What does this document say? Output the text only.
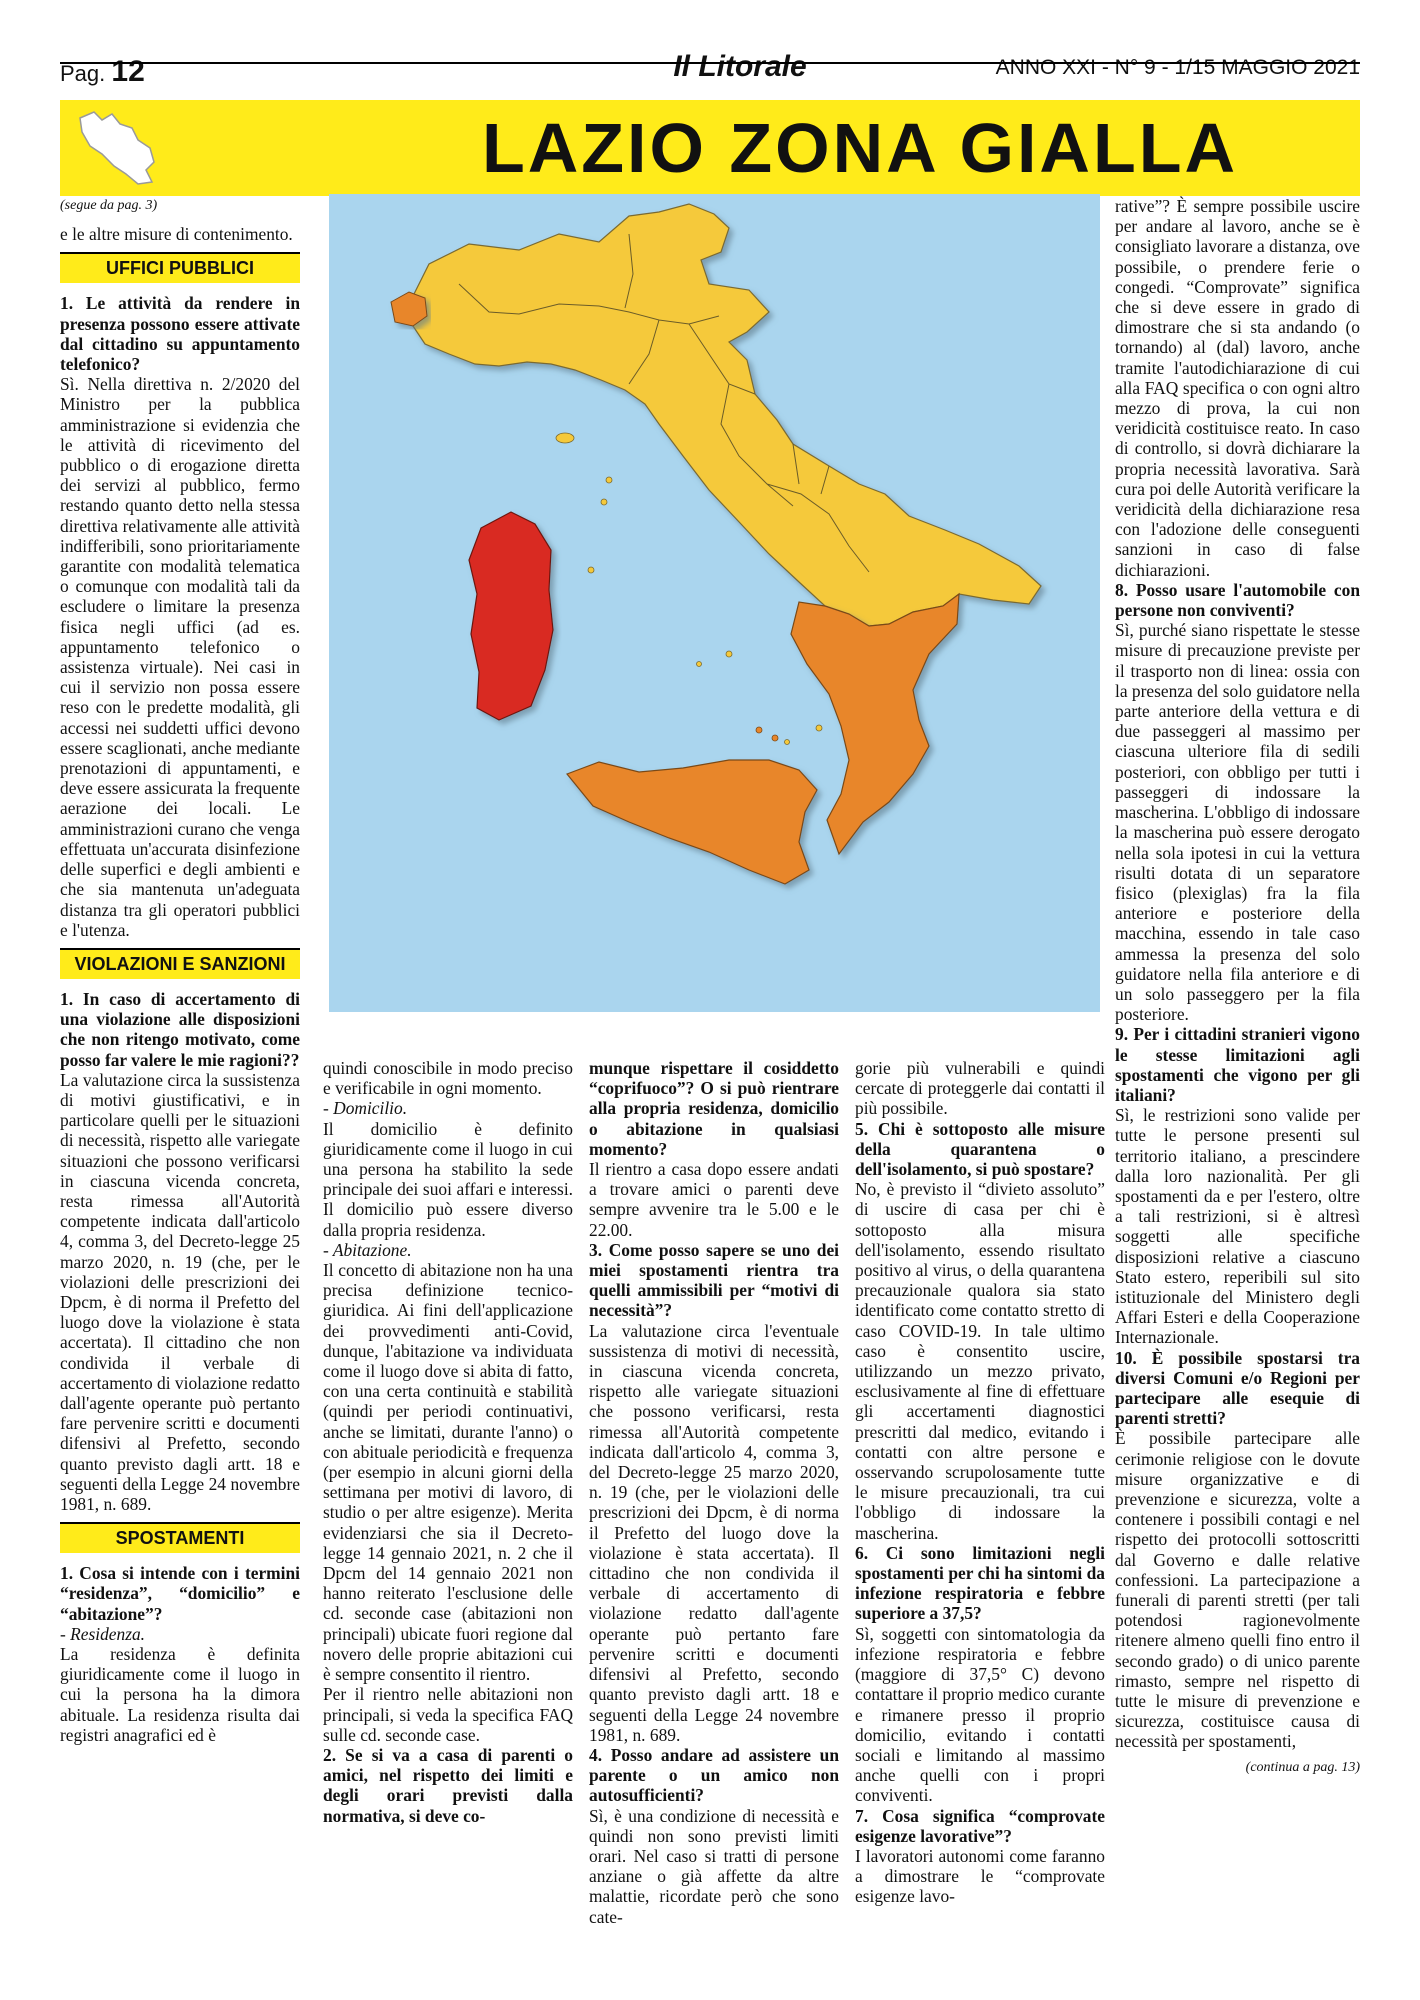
Pag. 12	Il Litorale	ANNO XXI - N° 9 - 1/15 MAGGIO 2021
LAZIO ZONA GIALLA

(segue da pag. 3)

e le altre misure di contenimento.

UFFICI PUBBLICI

1. Le attività da rendere in presenza possono essere attivate dal cittadino su appuntamento telefonico?

Sì. Nella direttiva n. 2/2020 del Ministro per la pubblica amministrazione si evidenzia che le attività di ricevimento del pubblico o di erogazione diretta dei servizi al pubblico, fermo restando quanto detto nella stessa direttiva relativamente alle attività indifferibili, sono prioritariamente garantite con modalità telematica o comunque con modalità tali da escludere o limitare la presenza fisica negli uffici (ad es. appuntamento telefonico o assistenza virtuale). Nei casi in cui il servizio non possa essere reso con le predette modalità, gli accessi nei suddetti uffici devono essere scaglionati, anche mediante prenotazioni di appuntamenti, e deve essere assicurata la frequente aerazione dei locali. Le amministrazioni curano che venga effettuata un'accurata disinfezione delle superfici e degli ambienti e che sia mantenuta un'adeguata distanza tra gli operatori pubblici e l'utenza.

VIOLAZIONI E SANZIONI

1. In caso di accertamento di una violazione alle disposizioni che non ritengo motivato, come posso far valere le mie ragioni??

La valutazione circa la sussistenza di motivi giustificativi, e in particolare quelli per le situazioni di necessità, rispetto alle variegate situazioni che possono verificarsi in ciascuna vicenda concreta, resta rimessa all'Autorità competente indicata dall'articolo 4, comma 3, del Decreto-legge 25 marzo 2020, n. 19 (che, per le violazioni delle prescrizioni dei Dpcm, è di norma il Prefetto del luogo dove la violazione è stata accertata). Il cittadino che non condivida il verbale di accertamento di violazione redatto dall'agente operante può pertanto fare pervenire scritti e documenti difensivi al Prefetto, secondo quanto previsto dagli artt. 18 e seguenti della Legge 24 novembre 1981, n. 689.

SPOSTAMENTI

1. Cosa si intende con i termini “residenza”, “domicilio” e “abitazione”?

- Residenza.

La residenza è definita giuridicamente come il luogo in cui la persona ha la dimora abituale. La residenza risulta dai registri anagrafici ed è

quindi conoscibile in modo preciso e verificabile in ogni momento.

- Domicilio.

Il domicilio è definito giuridicamente come il luogo in cui una persona ha stabilito la sede principale dei suoi affari e interessi. Il domicilio può essere diverso dalla propria residenza.

- Abitazione.

Il concetto di abitazione non ha una precisa definizione tecnico-giuridica. Ai fini dell'applicazione dei provvedimenti anti-Covid, dunque, l'abitazione va individuata come il luogo dove si abita di fatto, con una certa continuità e stabilità (quindi per periodi continuativi, anche se limitati, durante l'anno) o con abituale periodicità e frequenza (per esempio in alcuni giorni della settimana per motivi di lavoro, di studio o per altre esigenze). Merita evidenziarsi che sia il Decreto-legge 14 gennaio 2021, n. 2 che il Dpcm del 14 gennaio 2021 non hanno reiterato l'esclusione delle cd. seconde case (abitazioni non principali) ubicate fuori regione dal novero delle proprie abitazioni cui è sempre consentito il rientro.

Per il rientro nelle abitazioni non principali, si veda la specifica FAQ sulle cd. seconde case.

2. Se si va a casa di parenti o amici, nel rispetto dei limiti e degli orari previsti dalla normativa, si deve co-

munque rispettare il cosiddetto “coprifuoco”? O si può rientrare alla propria residenza, domicilio o abitazione in qualsiasi momento?

Il rientro a casa dopo essere andati a trovare amici o parenti deve sempre avvenire tra le 5.00 e le 22.00.

3. Come posso sapere se uno dei miei spostamenti rientra tra quelli ammissibili per “motivi di necessità”?

La valutazione circa l'eventuale sussistenza di motivi di necessità, in ciascuna vicenda concreta, rispetto alle variegate situazioni che possono verificarsi, resta rimessa all'Autorità competente indicata dall'articolo 4, comma 3, del Decreto-legge 25 marzo 2020, n. 19 (che, per le violazioni delle prescrizioni dei Dpcm, è di norma il Prefetto del luogo dove la violazione è stata accertata). Il cittadino che non condivida il verbale di accertamento di violazione redatto dall'agente operante può pertanto fare pervenire scritti e documenti difensivi al Prefetto, secondo quanto previsto dagli artt. 18 e seguenti della Legge 24 novembre 1981, n. 689.

4. Posso andare ad assistere un parente o un amico non autosufficienti?

Sì, è una condizione di necessità e quindi non sono previsti limiti orari. Nel caso si tratti di persone anziane o già affette da altre malattie, ricordate però che sono cate-

gorie più vulnerabili e quindi cercate di proteggerle dai contatti il più possibile.

5. Chi è sottoposto alle misure della quarantena o dell'isolamento, si può spostare?

No, è previsto il “divieto assoluto” di uscire di casa per chi è sottoposto alla misura dell'isolamento, essendo risultato positivo al virus, o della quarantena precauzionale qualora sia stato identificato come contatto stretto di caso COVID-19. In tale ultimo caso è consentito uscire, utilizzando un mezzo privato, esclusivamente al fine di effettuare gli accertamenti diagnostici prescritti dal medico, evitando i contatti con altre persone e osservando scrupolosamente tutte le misure precauzionali, tra cui l'obbligo di indossare la mascherina.

6. Ci sono limitazioni negli spostamenti per chi ha sintomi da infezione respiratoria e febbre superiore a 37,5?

Sì, soggetti con sintomatologia da infezione respiratoria e febbre (maggiore di 37,5° C) devono contattare il proprio medico curante e rimanere presso il proprio domicilio, evitando i contatti sociali e limitando al massimo anche quelli con i propri conviventi.

7. Cosa significa “comprovate esigenze lavorative”?

I lavoratori autonomi come faranno a dimostrare le “comprovate esigenze lavo-

rative”? È sempre possibile uscire per andare al lavoro, anche se è consigliato lavorare a distanza, ove possibile, o prendere ferie o congedi. “Comprovate” significa che si deve essere in grado di dimostrare che si sta andando (o tornando) al (dal) lavoro, anche tramite l'autodichiarazione di cui alla FAQ specifica o con ogni altro mezzo di prova, la cui non veridicità costituisce reato. In caso di controllo, si dovrà dichiarare la propria necessità lavorativa. Sarà cura poi delle Autorità verificare la veridicità della dichiarazione resa con l'adozione delle conseguenti sanzioni in caso di false dichiarazioni.

8. Posso usare l'automobile con persone non conviventi?

Sì, purché siano rispettate le stesse misure di precauzione previste per il trasporto non di linea: ossia con la presenza del solo guidatore nella parte anteriore della vettura e di due passeggeri al massimo per ciascuna ulteriore fila di sedili posteriori, con obbligo per tutti i passeggeri di indossare la mascherina. L'obbligo di indossare la mascherina può essere derogato nella sola ipotesi in cui la vettura risulti dotata di un separatore fisico (plexiglas) fra la fila anteriore e posteriore della macchina, essendo in tale caso ammessa la presenza del solo guidatore nella fila anteriore e di un solo passeggero per la fila posteriore.

9. Per i cittadini stranieri vigono le stesse limitazioni agli spostamenti che vigono per gli italiani?

Sì, le restrizioni sono valide per tutte le persone presenti sul territorio italiano, a prescindere dalla loro nazionalità. Per gli spostamenti da e per l'estero, oltre a tali restrizioni, si è altresì soggetti alle specifiche disposizioni relative a ciascuno Stato estero, reperibili sul sito istituzionale del Ministero degli Affari Esteri e della Cooperazione Internazionale.

10. È possibile spostarsi tra diversi Comuni e/o Regioni per partecipare alle esequie di parenti stretti?

È possibile partecipare alle cerimonie religiose con le dovute misure organizzative e di prevenzione e sicurezza, volte a contenere i possibili contagi e nel rispetto dei protocolli sottoscritti dal Governo e dalle relative confessioni. La partecipazione a funerali di parenti stretti (per tali potendosi ragionevolmente ritenere almeno quelli fino entro il secondo grado) o di unico parente rimasto, sempre nel rispetto di tutte le misure di prevenzione e sicurezza, costituisce causa di necessità per spostamenti,

(continua a pag. 13)
